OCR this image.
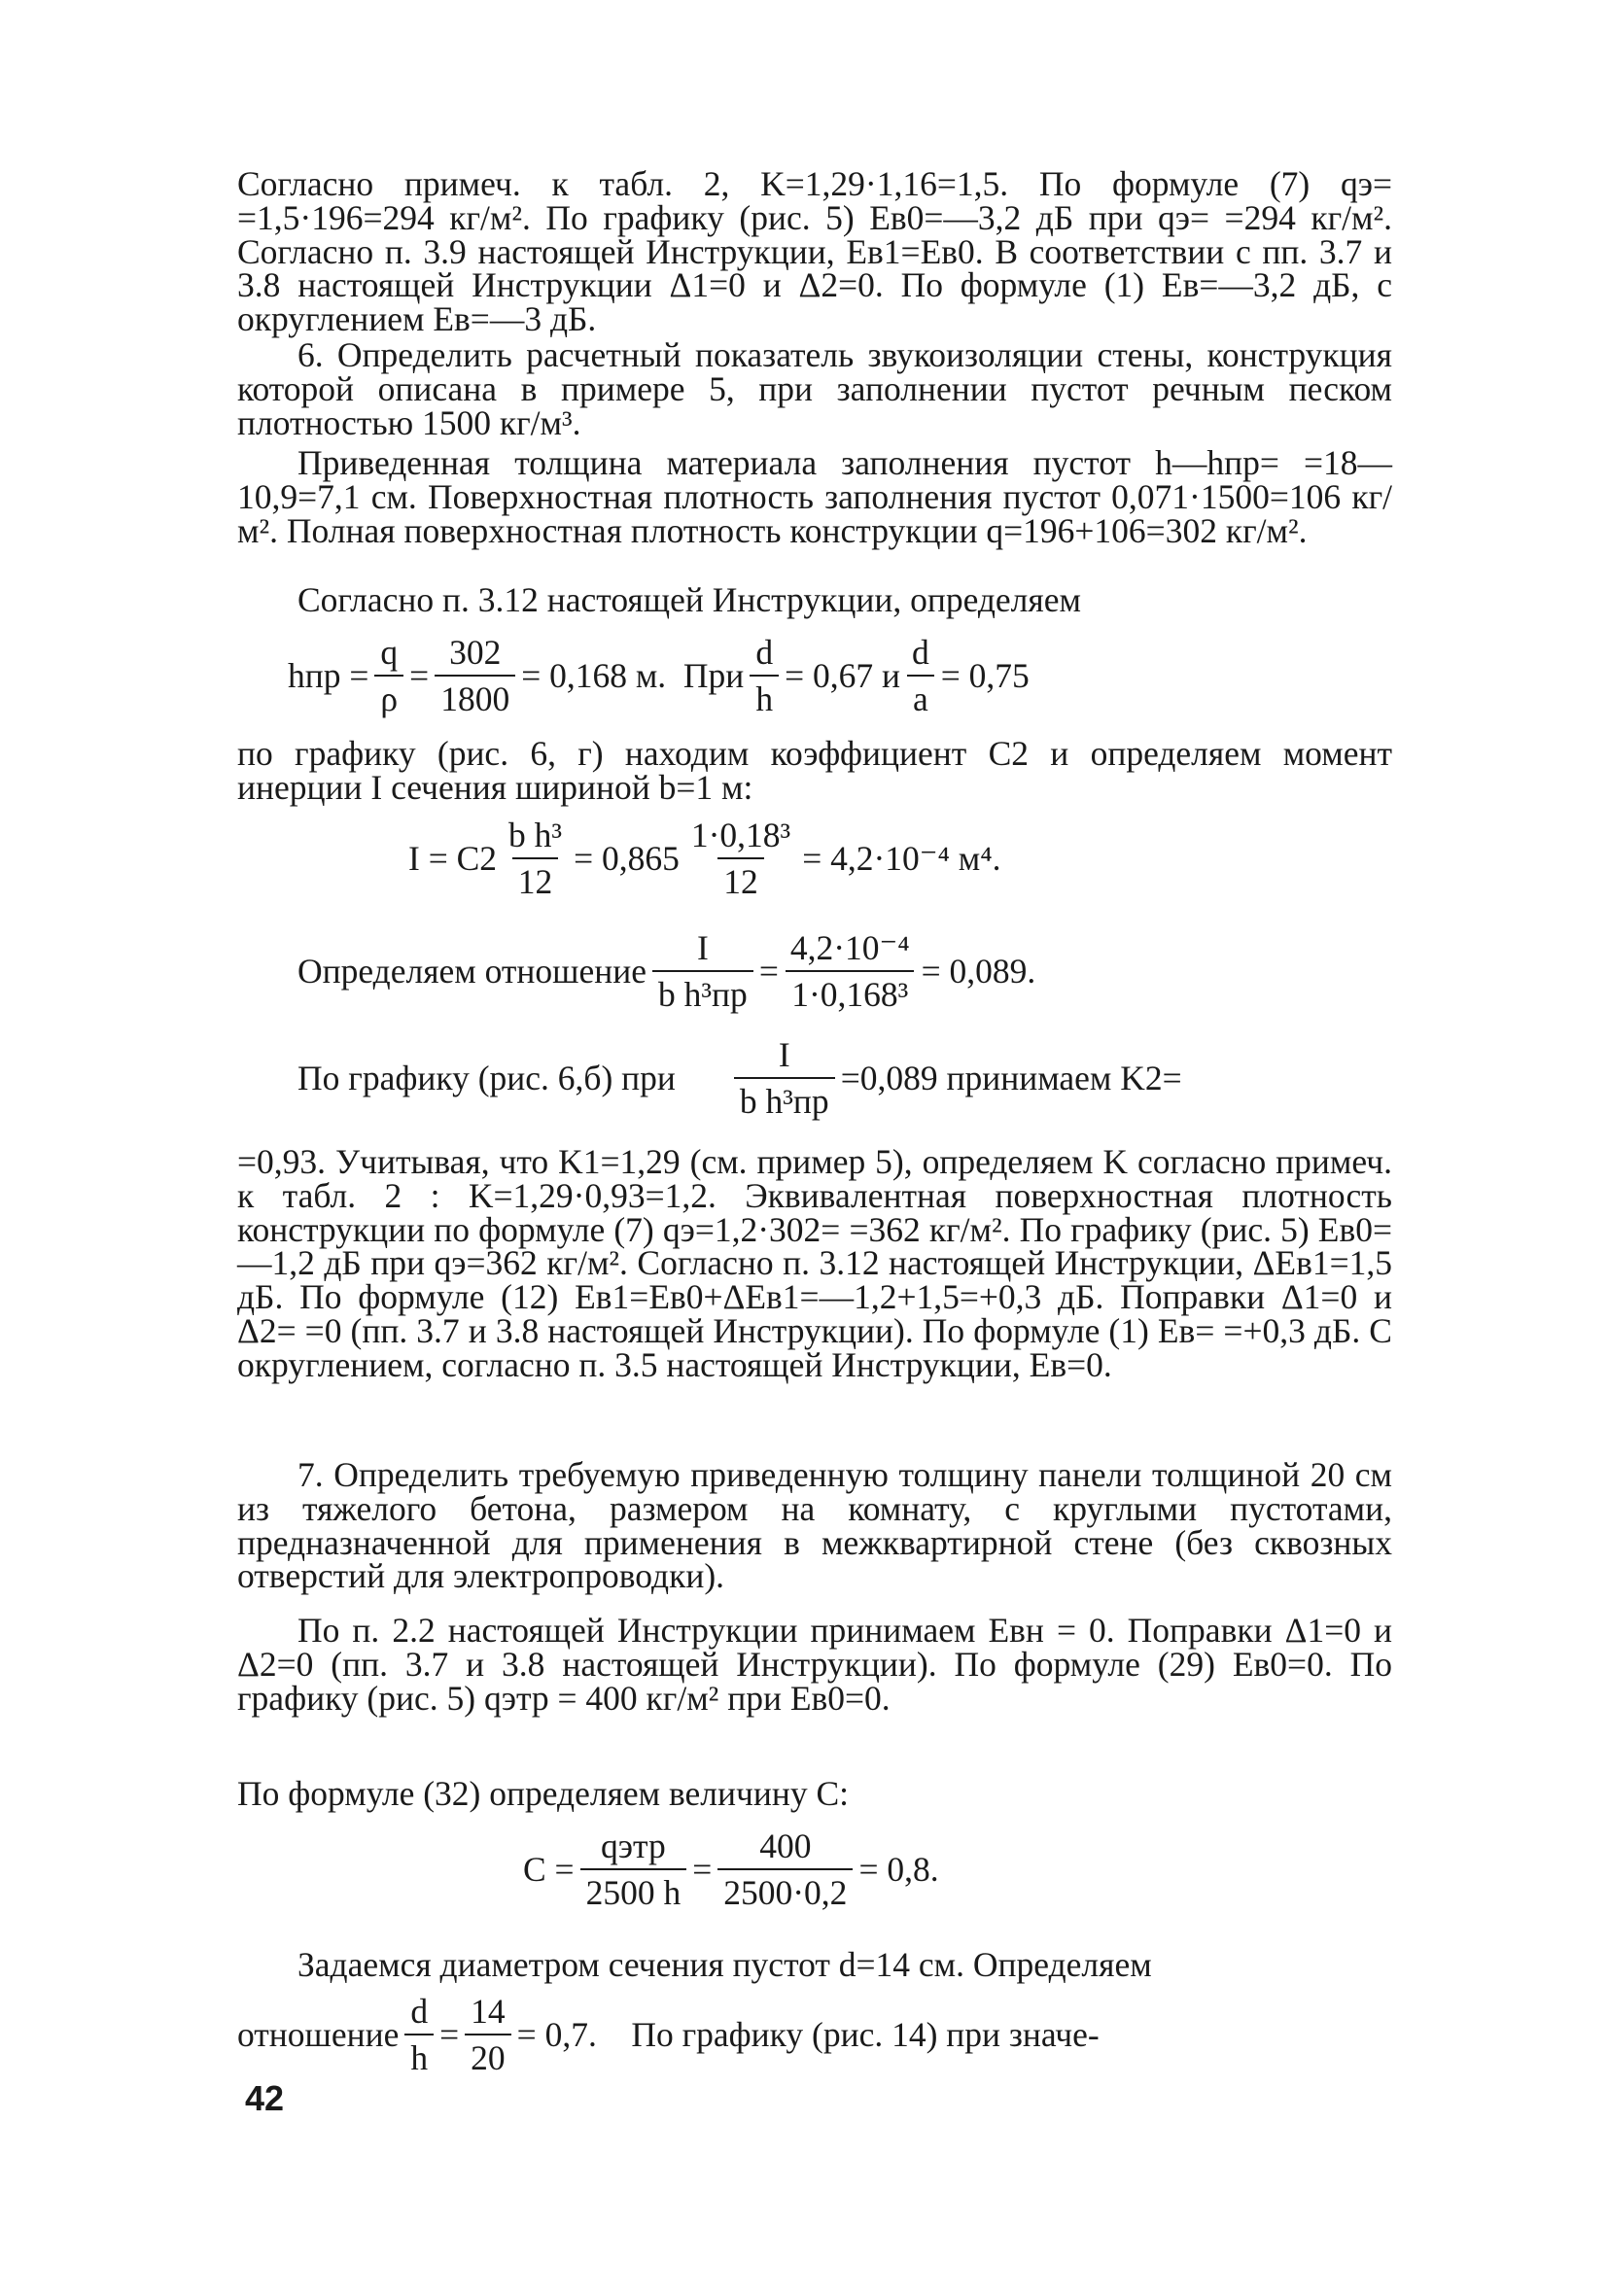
Согласно примеч. к табл. 2, K=1,29·1,16=1,5. По формуле (7) qэ= =1,5·196=294 кг/м². По графику (рис. 5) Eв0=—3,2 дБ при qэ= =294 кг/м². Согласно п. 3.9 настоящей Инструкции, Eв1=Eв0. В соответствии с пп. 3.7 и 3.8 настоящей Инструкции Δ1=0 и Δ2=0. По формуле (1) Eв=—3,2 дБ, с округлением Eв=—3 дБ.
6. Определить расчетный показатель звукоизоляции стены, конструкция которой описана в примере 5, при заполнении пустот речным песком плотностью 1500 кг/м³.
Приведенная толщина материала заполнения пустот h—hпр= =18—10,9=7,1 см. Поверхностная плотность заполнения пустот 0,071·1500=106 кг/м². Полная поверхностная плотность конструкции q=196+106=302 кг/м².
Согласно п. 3.12 настоящей Инструкции, определяем
hпр = $\frac{q}{\rho} = \frac{302}{1800} = 0,168$ м.  При $\frac{d}{h} = 0,67$ и $\frac{d}{a} = 0,75$
по графику (рис. 6, г) находим коэффициент C2 и определяем момент инерции I сечения шириной b=1 м:
$I = C2 \frac{\text{b h³}}{12} = 0,865 \frac{\text{1·0,18³}}{12} = 4,2\cdot 10^{-4}$ м⁴.
Определяем отношение $\frac{I}{\text{b h³пр}} = \frac{\text{4,2·10⁻⁴}}{\text{1·0,168³}} = 0,089$.
По графику (рис. 6,б) при $\frac{I}{\text{b h³пр}} =0,089$ принимаем K2=
=0,93. Учитывая, что K1=1,29 (см. пример 5), определяем K согласно примеч. к табл. 2 : K=1,29·0,93=1,2. Эквивалентная поверхностная плотность конструкции по формуле (7) qэ=1,2·302= =362 кг/м². По графику (рис. 5) Eв0=—1,2 дБ при qэ=362 кг/м². Согласно п. 3.12 настоящей Инструкции, ΔEв1=1,5 дБ. По формуле (12) Eв1=Eв0+ΔEв1=—1,2+1,5=+0,3 дБ. Поправки Δ1=0 и Δ2= =0 (пп. 3.7 и 3.8 настоящей Инструкции). По формуле (1) Eв= =+0,3 дБ. С округлением, согласно п. 3.5 настоящей Инструкции, Eв=0.
7. Определить требуемую приведенную толщину панели толщиной 20 см из тяжелого бетона, размером на комнату, с круглыми пустотами, предназначенной для применения в межквартирной стене (без сквозных отверстий для электропроводки).
По п. 2.2 настоящей Инструкции принимаем Eвн = 0. Поправки Δ1=0 и Δ2=0 (пп. 3.7 и 3.8 настоящей Инструкции). По формуле (29) Eв0=0. По графику (рис. 5) qэтр = 400 кг/м² при Eв0=0.
По формуле (32) определяем величину C:
$C = \frac{\text{qэтр}}{2500 h} = \frac{400}{2500\cdot 0,2} = 0,8$.
Задаемся диаметром сечения пустот d=14 см. Определяем
отношение $\frac{d}{h} = \frac{14}{20} = 0,7$.    По графику (рис. 14) при значе-
42
